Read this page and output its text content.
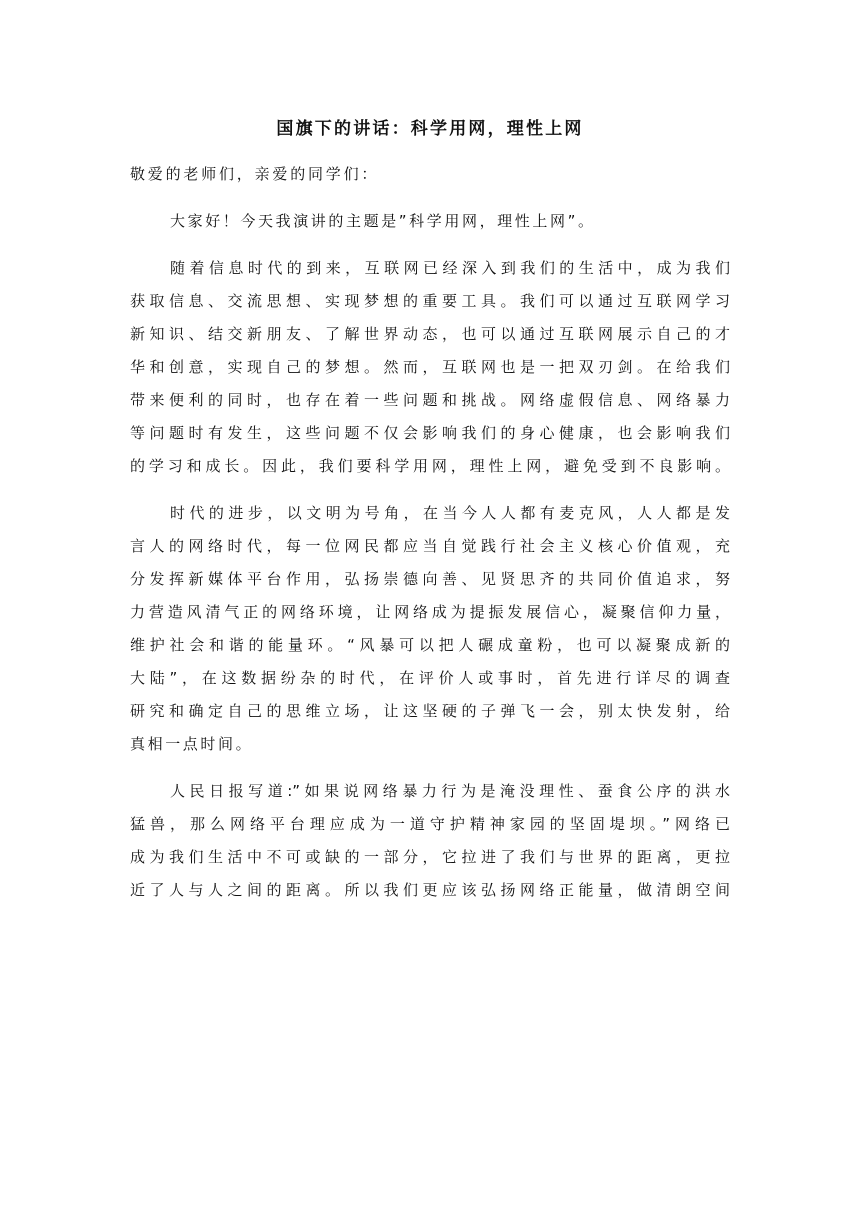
国旗下的讲话：科学用网，理性上网
敬爱的老师们，亲爱的同学们：
大家好！今天我演讲的主题是”科学用网，理性上网”。
随着信息时代的到来，互联网已经深入到我们的生活中，成为我们
获取信息、交流思想、实现梦想的重要工具。我们可以通过互联网学习
新知识、结交新朋友、了解世界动态，也可以通过互联网展示自己的才
华和创意，实现自己的梦想。然而，互联网也是一把双刃剑。在给我们
带来便利的同时，也存在着一些问题和挑战。网络虚假信息、网络暴力
等问题时有发生，这些问题不仅会影响我们的身心健康，也会影响我们
的学习和成长。因此，我们要科学用网，理性上网，避免受到不良影响。
时代的进步，以文明为号角，在当今人人都有麦克风，人人都是发
言人的网络时代，每一位网民都应当自觉践行社会主义核心价值观，充
分发挥新媒体平台作用，弘扬崇德向善、见贤思齐的共同价值追求，努
力营造风清气正的网络环境，让网络成为提振发展信心，凝聚信仰力量，
维护社会和谐的能量环。“风暴可以把人碾成童粉，也可以凝聚成新的
大陆”，在这数据纷杂的时代，在评价人或事时，首先进行详尽的调查
研究和确定自己的思维立场，让这坚硬的子弹飞一会，别太快发射，给
真相一点时间。
人民日报写道:”如果说网络暴力行为是淹没理性、蚕食公序的洪水
猛兽，那么网络平台理应成为一道守护精神家园的坚固堤坝。”网络已
成为我们生活中不可或缺的一部分，它拉进了我们与世界的距离，更拉
近了人与人之间的距离。所以我们更应该弘扬网络正能量，做清朗空间
